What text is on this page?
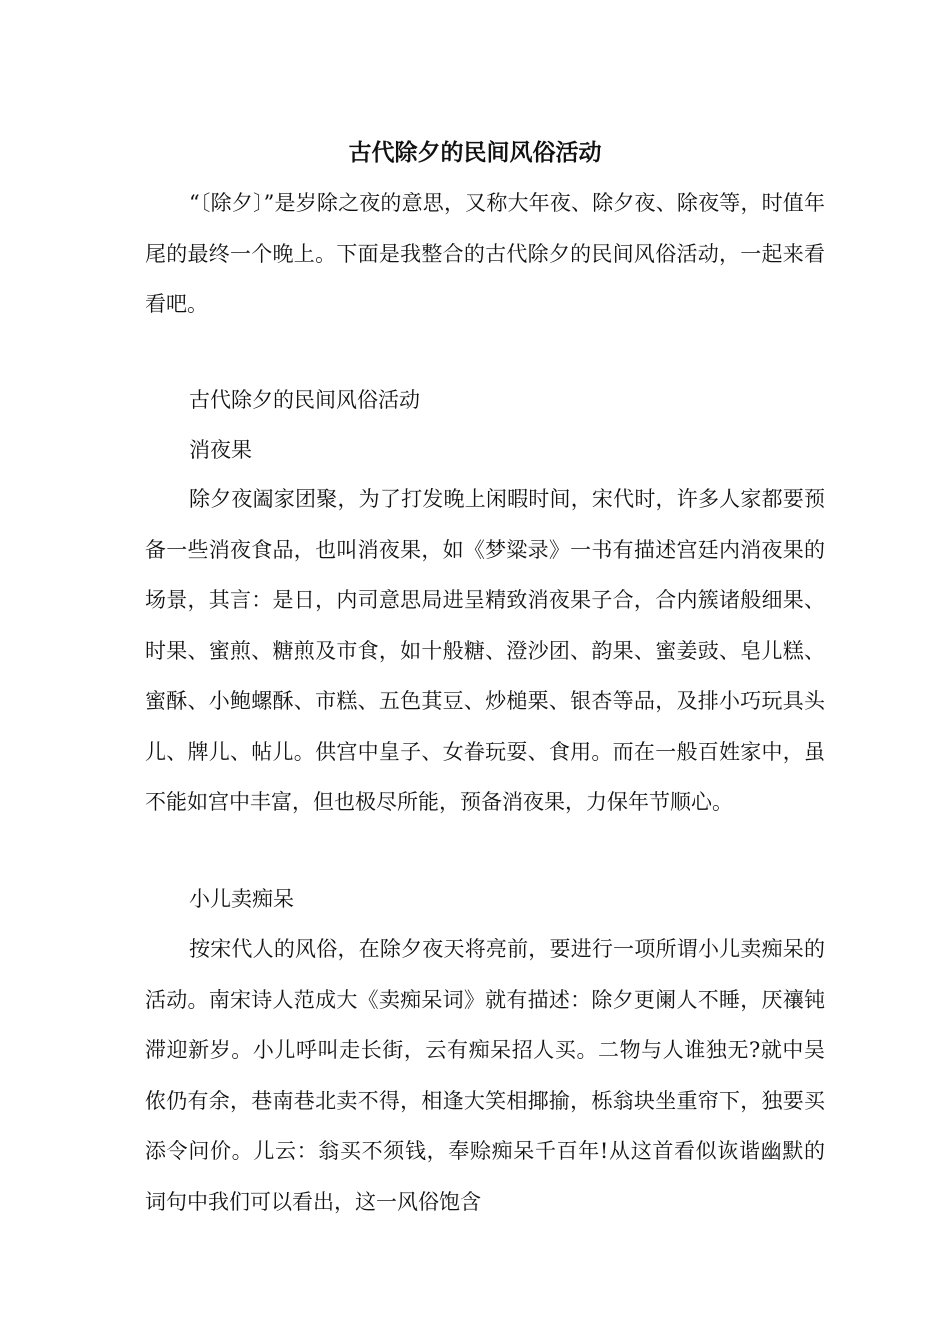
古代除夕的民间风俗活动

“〔除夕〕”是岁除之夜的意思，又称大年夜、除夕夜、除夜等，时值年尾的最终一个晚上。下面是我整合的古代除夕的民间风俗活动，一起来看看吧。

古代除夕的民间风俗活动
消夜果

除夕夜阖家团聚，为了打发晚上闲暇时间，宋代时，许多人家都要预备一些消夜食品，也叫消夜果，如《梦粱录》一书有描述宫廷内消夜果的场景，其言：是日，内司意思局进呈精致消夜果子合，合内簇诸般细果、时果、蜜煎、糖煎及市食，如十般糖、澄沙团、韵果、蜜姜豉、皂儿糕、蜜酥、小鲍螺酥、市糕、五色萁豆、炒槌栗、银杏等品，及排小巧玩具头儿、牌儿、帖儿。供宫中皇子、女眷玩耍、食用。而在一般百姓家中，虽不能如宫中丰富，但也极尽所能，预备消夜果，力保年节顺心。

小儿卖痴呆

按宋代人的风俗，在除夕夜天将亮前，要进行一项所谓小儿卖痴呆的活动。南宋诗人范成大《卖痴呆词》就有描述：除夕更阑人不睡，厌禳钝滞迎新岁。小儿呼叫走长街，云有痴呆招人买。二物与人谁独无?就中吴侬仍有余，巷南巷北卖不得，相逢大笑相揶揄，栎翁块坐重帘下，独要买添令问价。儿云：翁买不须钱，奉赊痴呆千百年!从这首看似诙谐幽默的词句中我们可以看出，这一风俗饱含
